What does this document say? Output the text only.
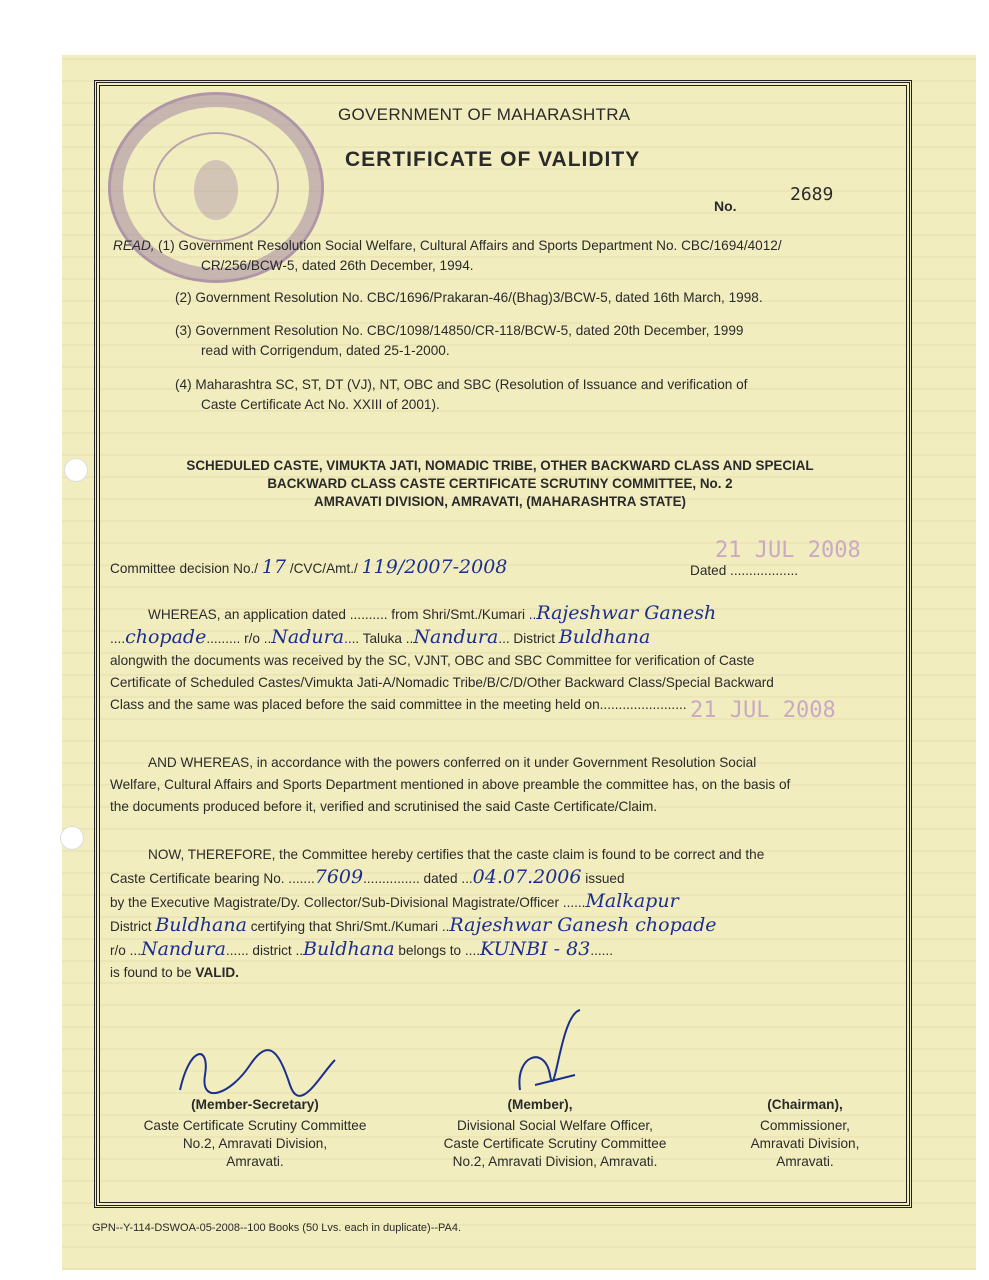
GOVERNMENT OF MAHARASHTRA
CERTIFICATE OF VALIDITY
No.
2689
READ, (1) Government Resolution Social Welfare, Cultural Affairs and Sports Department No. CBC/1694/4012/
CR/256/BCW-5, dated 26th December, 1994.
(2) Government Resolution No. CBC/1696/Prakaran-46/(Bhag)3/BCW-5, dated 16th March, 1998.
(3) Government Resolution No. CBC/1098/14850/CR-118/BCW-5, dated 20th December, 1999
read with Corrigendum, dated 25-1-2000.
(4) Maharashtra SC, ST, DT (VJ), NT, OBC and SBC (Resolution of Issuance and verification of
Caste Certificate Act No. XXIII of 2001).
SCHEDULED CASTE, VIMUKTA JATI, NOMADIC TRIBE, OTHER BACKWARD CLASS AND SPECIAL
BACKWARD CLASS CASTE CERTIFICATE SCRUTINY COMMITTEE, No. 2
AMRAVATI DIVISION, AMRAVATI, (MAHARASHTRA STATE)
Committee decision No./ 17 /CVC/Amt./ 119/2007-2008	Dated ..................
21 JUL 2008
WHEREAS, an application dated .......... from Shri/Smt./Kumari ..Rajeshwar Ganesh
....chopade......... r/o ..Nadura.... Taluka ..Nandura... District Buldhana
alongwith the documents was received by the SC, VJNT, OBC and SBC Committee for verification of Caste
Certificate of Scheduled Castes/Vimukta Jati-A/Nomadic Tribe/B/C/D/Other Backward Class/Special Backward
Class and the same was placed before the said committee in the meeting held on....................... 21 JUL 2008
AND WHEREAS, in accordance with the powers conferred on it under Government Resolution Social
Welfare, Cultural Affairs and Sports Department mentioned in above preamble the committee has, on the basis of
the documents produced before it, verified and scrutinised the said Caste Certificate/Claim.
NOW, THEREFORE, the Committee hereby certifies that the caste claim is found to be correct and the
Caste Certificate bearing No. .......7609............... dated ...04.07.2006 issued
by the Executive Magistrate/Dy. Collector/Sub-Divisional Magistrate/Officer ......Malkapur
District Buldhana certifying that Shri/Smt./Kumari ..Rajeshwar Ganesh chopade
r/o ...Nandura...... district ..Buldhana belongs to ....KUNBI - 83......
is found to be VALID.
(Member-Secretary)
Caste Certificate Scrutiny Committee
No.2, Amravati Division,
Amravati.
(Member),
Divisional Social Welfare Officer,
Caste Certificate Scrutiny Committee
No.2, Amravati Division, Amravati.
(Chairman),
Commissioner,
Amravati Division,
Amravati.
GPN--Y-114-DSWOA-05-2008--100 Books (50 Lvs. each in duplicate)--PA4.
